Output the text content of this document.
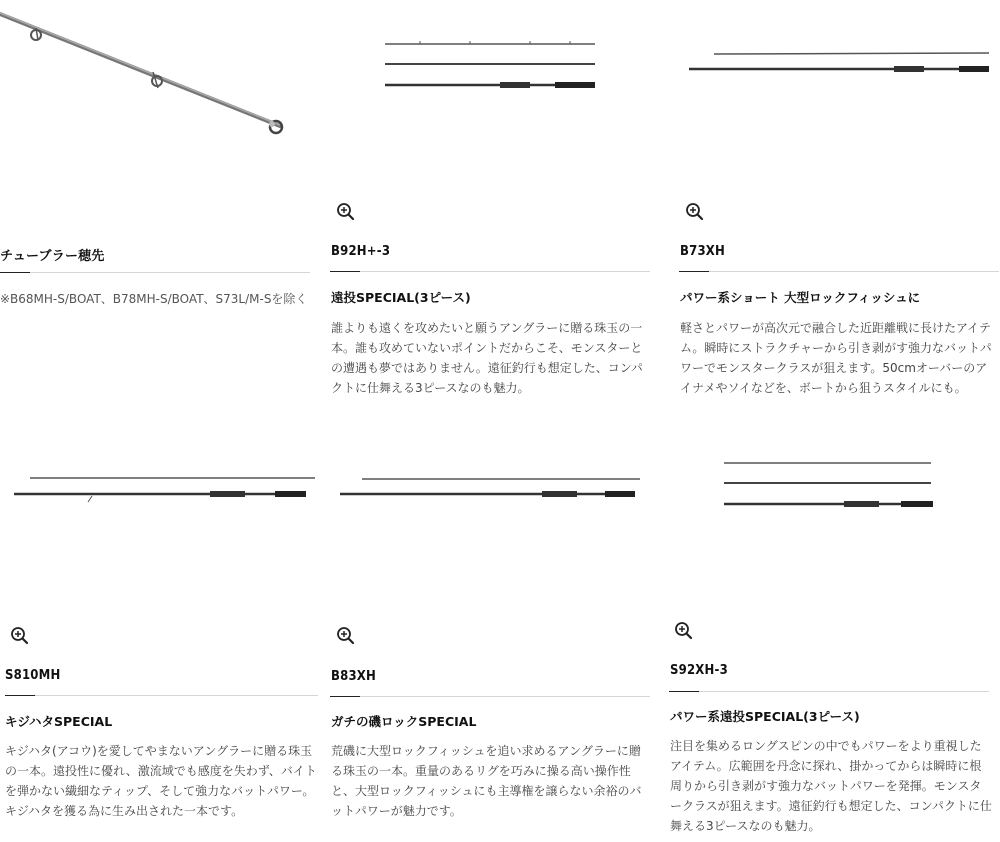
チューブラー穂先
※B68MH-S/BOAT、B78MH-S/BOAT、S73L/M-Sを除く
B92H+-3
遠投SPECIAL(3ピース)
誰よりも遠くを攻めたいと願うアングラーに贈る珠玉の一本。誰も攻めていないポイントだからこそ、モンスターとの遭遇も夢ではありません。遠征釣行も想定した、コンパクトに仕舞える3ピースなのも魅力。
B73XH
パワー系ショート 大型ロックフィッシュに
軽さとパワーが高次元で融合した近距離戦に長けたアイテム。瞬時にストラクチャーから引き剥がす強力なバットパワーでモンスタークラスが狙えます。50cmオーバーのアイナメやソイなどを、ボートから狙うスタイルにも。
S810MH
キジハタSPECIAL
キジハタ(アコウ)を愛してやまないアングラーに贈る珠玉の一本。遠投性に優れ、激流域でも感度を失わず、バイトを弾かない繊細なティップ、そして強力なバットパワー。キジハタを獲る為に生み出された一本です。
B83XH
ガチの磯ロックSPECIAL
荒磯に大型ロックフィッシュを追い求めるアングラーに贈る珠玉の一本。重量のあるリグを巧みに操る高い操作性と、大型ロックフィッシュにも主導権を譲らない余裕のバットパワーが魅力です。
S92XH-3
パワー系遠投SPECIAL(3ピース)
注目を集めるロングスピンの中でもパワーをより重視したアイテム。広範囲を丹念に探れ、掛かってからは瞬時に根周りから引き剥がす強力なバットパワーを発揮。モンスタークラスが狙えます。遠征釣行も想定した、コンパクトに仕舞える3ピースなのも魅力。
